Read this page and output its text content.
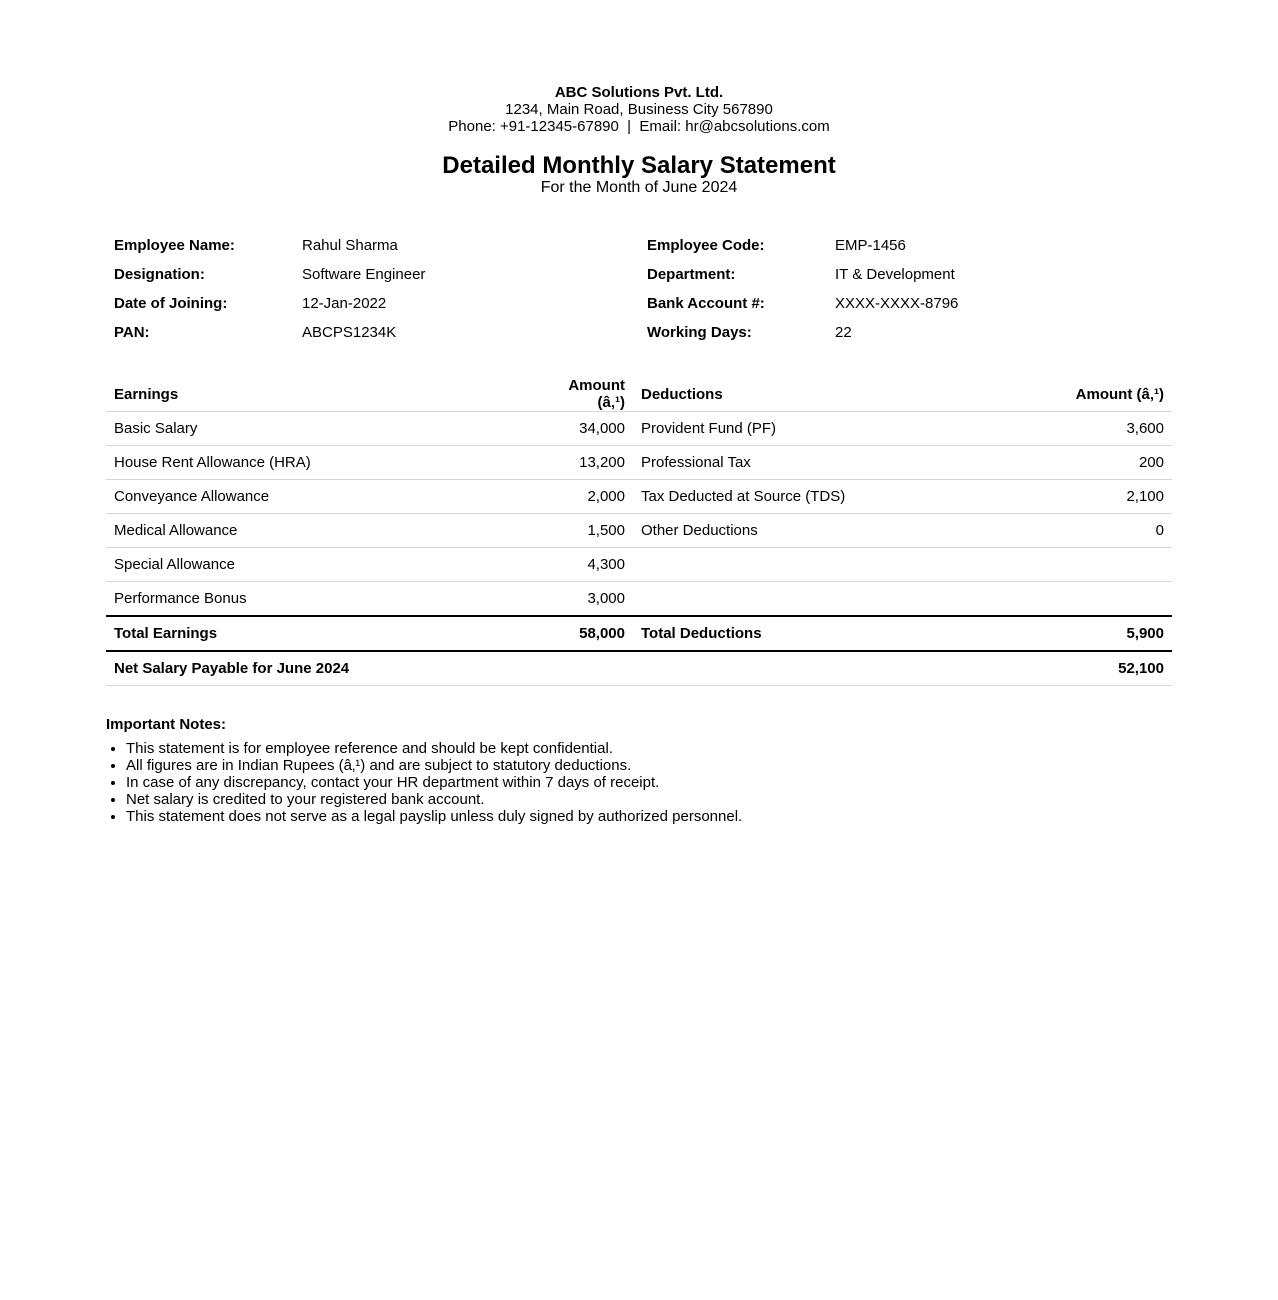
ABC Solutions Pvt. Ltd.
1234, Main Road, Business City 567890
Phone: +91-12345-67890  |  Email: hr@abcsolutions.com
Detailed Monthly Salary Statement
For the Month of June 2024
Employee Name:	Rahul Sharma
Designation:	Software Engineer
Date of Joining:	12-Jan-2022
PAN:	ABCPS1234K
Employee Code:	EMP-1456
Department:	IT & Development
Bank Account #:	XXXX-XXXX-8796
Working Days:	22
Earnings	Amount (â‚¹)	Deductions	Amount (â‚¹)
Basic Salary	34,000	Provident Fund (PF)	3,600
House Rent Allowance (HRA)	13,200	Professional Tax	200
Conveyance Allowance	2,000	Tax Deducted at Source (TDS)	2,100
Medical Allowance	1,500	Other Deductions	0
Special Allowance	4,300		
Performance Bonus	3,000		
Total Earnings	58,000	Total Deductions	5,900
Net Salary Payable for June 2024			52,100
Important Notes:
• This statement is for employee reference and should be kept confidential.
• All figures are in Indian Rupees (â‚¹) and are subject to statutory deductions.
• In case of any discrepancy, contact your HR department within 7 days of receipt.
• Net salary is credited to your registered bank account.
• This statement does not serve as a legal payslip unless duly signed by authorized personnel.
